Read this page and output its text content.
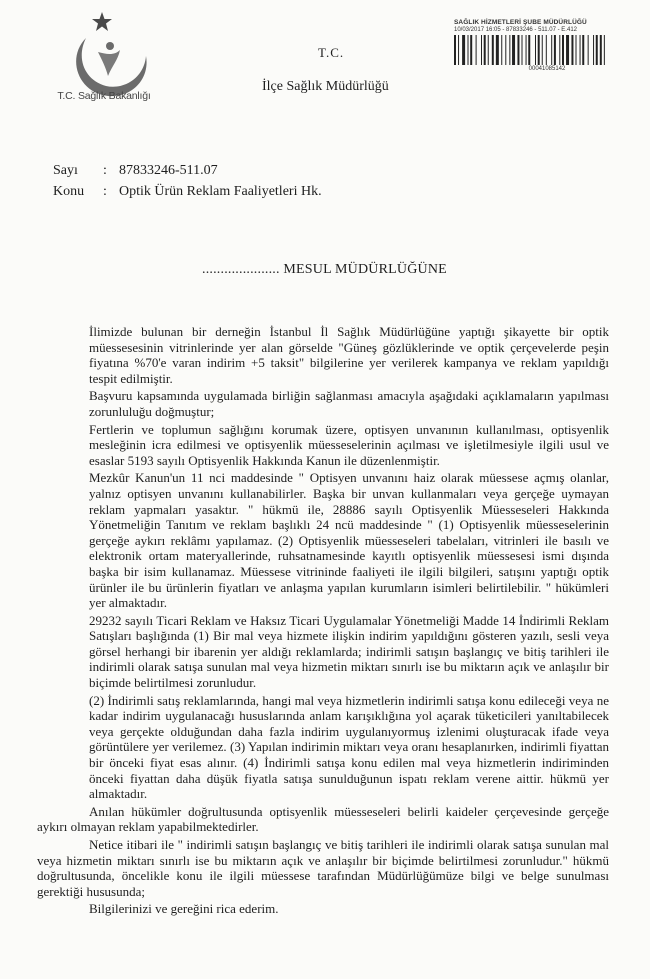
T.C. Sağlık Bakanlığı
T.C.
İlçe Sağlık Müdürlüğü
SAĞLIK HİZMETLERİ ŞUBE MÜDÜRLÜĞÜ
10/03/2017 16:05 - 87833246 - 511.07 - E.412
00041085142
Sayı	: 87833246-511.07
Konu	: Optik Ürün Reklam Faaliyetleri Hk.
..................... MESUL MÜDÜRLÜĞÜNE

İlimizde bulunan bir derneğin İstanbul İl Sağlık Müdürlüğüne yaptığı şikayette bir optik müessesesinin vitrinlerinde yer alan görselde "Güneş gözlüklerinde ve optik çerçevelerde peşin fiyatına %70'e varan indirim +5 taksit" bilgilerine yer verilerek kampanya ve reklam yapıldığı tespit edilmiştir.

Başvuru kapsamında uygulamada birliğin sağlanması amacıyla aşağıdaki açıklamaların yapılması zorunluluğu doğmuştur;

Fertlerin ve toplumun sağlığını korumak üzere, optisyen unvanının kullanılması, optisyenlik mesleğinin icra edilmesi ve optisyenlik müesseselerinin açılması ve işletilmesiyle ilgili usul ve esaslar 5193 sayılı Optisyenlik Hakkında Kanun ile düzenlenmiştir.

Mezkûr Kanun'un 11 nci maddesinde " Optisyen unvanını haiz olarak müessese açmış olanlar, yalnız optisyen unvanını kullanabilirler. Başka bir unvan kullanmaları veya gerçeğe uymayan reklam yapmaları yasaktır. " hükmü ile, 28886 sayılı Optisyenlik Müesseseleri Hakkında Yönetmeliğin Tanıtım ve reklam başlıklı 24 ncü maddesinde " (1) Optisyenlik müesseselerinin gerçeğe aykırı reklâmı yapılamaz. (2) Optisyenlik müesseseleri tabelaları, vitrinleri ile basılı ve elektronik ortam materyallerinde, ruhsatnamesinde kayıtlı optisyenlik müessesesi ismi dışında başka bir isim kullanamaz. Müessese vitrininde faaliyeti ile ilgili bilgileri, satışını yaptığı optik ürünler ile bu ürünlerin fiyatları ve anlaşma yapılan kurumların isimleri belirtilebilir. " hükümleri yer almaktadır.

29232 sayılı Ticari Reklam ve Haksız Ticari Uygulamalar Yönetmeliği Madde 14 İndirimli Reklam Satışları başlığında (1) Bir mal veya hizmete ilişkin indirim yapıldığını gösteren yazılı, sesli veya görsel herhangi bir ibarenin yer aldığı reklamlarda; indirimli satışın başlangıç ve bitiş tarihleri ile indirimli olarak satışa sunulan mal veya hizmetin miktarı sınırlı ise bu miktarın açık ve anlaşılır bir biçimde belirtilmesi zorunludur.

(2) İndirimli satış reklamlarında, hangi mal veya hizmetlerin indirimli satışa konu edileceği veya ne kadar indirim uygulanacağı hususlarında anlam karışıklığına yol açarak tüketicileri yanıltabilecek veya gerçekte olduğundan daha fazla indirim uygulanıyormuş izlenimi oluşturacak ifade veya görüntülere yer verilemez. (3) Yapılan indirimin miktarı veya oranı hesaplanırken, indirimli fiyattan bir önceki fiyat esas alınır. (4) İndirimli satışa konu edilen mal veya hizmetlerin indiriminden önceki fiyattan daha düşük fiyatla satışa sunulduğunun ispatı reklam verene aittir. hükmü yer almaktadır.

Anılan hükümler doğrultusunda optisyenlik müesseseleri belirli kaideler çerçevesinde gerçeğe aykırı olmayan reklam yapabilmektedirler.

Netice itibari ile " indirimli satışın başlangıç ve bitiş tarihleri ile indirimli olarak satışa sunulan mal veya hizmetin miktarı sınırlı ise bu miktarın açık ve anlaşılır bir biçimde belirtilmesi zorunludur." hükmü doğrultusunda, öncelikle konu ile ilgili müessese tarafından Müdürlüğümüze bilgi ve belge sunulması gerektiği hususunda;

Bilgilerinizi ve gereğini rica ederim.
